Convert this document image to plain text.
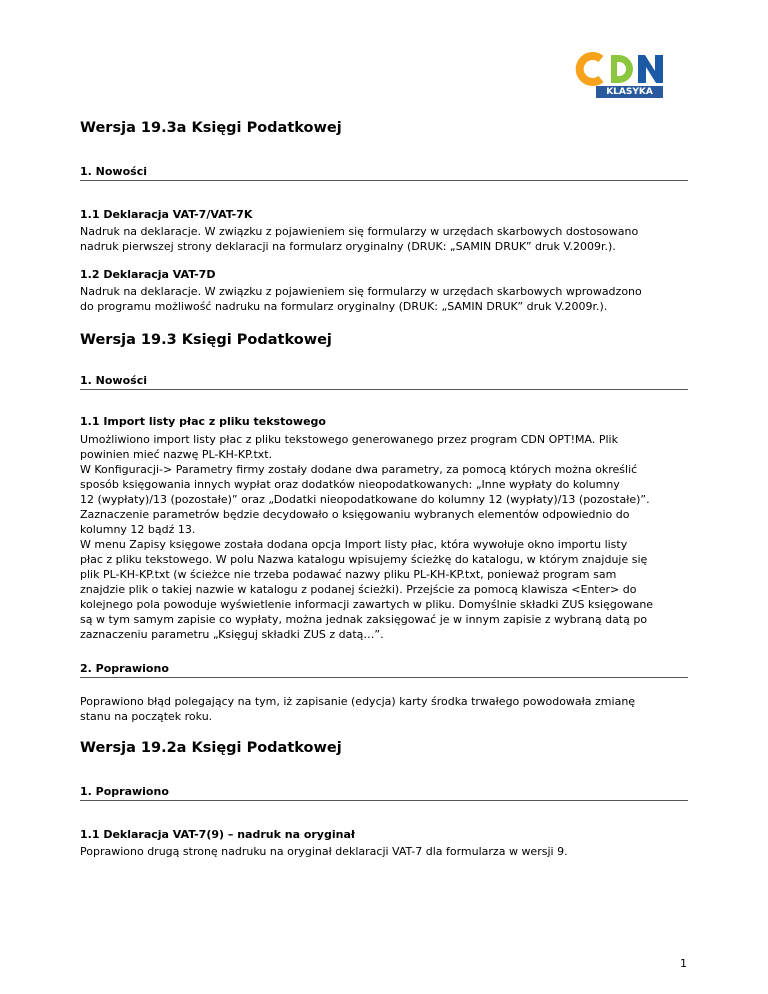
KLASYKA
Wersja 19.3a Księgi Podatkowej
1. Nowości
1.1 Deklaracja VAT-7/VAT-7K

Nadruk na deklaracje. W związku z pojawieniem się formularzy w urzędach skarbowych dostosowano
nadruk pierwszej strony deklaracji na formularz oryginalny (DRUK: „SAMIN DRUK” druk V.2009r.).

1.2 Deklaracja VAT-7D

Nadruk na deklaracje. W związku z pojawieniem się formularzy w urzędach skarbowych wprowadzono
do programu możliwość nadruku na formularz oryginalny (DRUK: „SAMIN DRUK” druk V.2009r.).

Wersja 19.3 Księgi Podatkowej
1. Nowości
1.1 Import listy płac z pliku tekstowego

Umożliwiono import listy płac z pliku tekstowego generowanego przez program CDN OPT!MA. Plik
powinien mieć nazwę PL-KH-KP.txt.
W Konfiguracji-> Parametry firmy zostały dodane dwa parametry, za pomocą których można określić
sposób księgowania innych wypłat oraz dodatków nieopodatkowanych: „Inne wypłaty do kolumny
12 (wypłaty)/13 (pozostałe)” oraz „Dodatki nieopodatkowane do kolumny 12 (wypłaty)/13 (pozostałe)”.
Zaznaczenie parametrów będzie decydowało o księgowaniu wybranych elementów odpowiednio do
kolumny 12 bądź 13.
W menu Zapisy księgowe została dodana opcja Import listy płac, która wywołuje okno importu listy
płac z pliku tekstowego. W polu Nazwa katalogu wpisujemy ścieżkę do katalogu, w którym znajduje się
plik PL-KH-KP.txt (w ścieżce nie trzeba podawać nazwy pliku PL-KH-KP.txt, ponieważ program sam
znajdzie plik o takiej nazwie w katalogu z podanej ścieżki). Przejście za pomocą klawisza <Enter> do
kolejnego pola powoduje wyświetlenie informacji zawartych w pliku. Domyślnie składki ZUS księgowane
są w tym samym zapisie co wypłaty, można jednak zaksięgować je w innym zapisie z wybraną datą po
zaznaczeniu parametru „Księguj składki ZUS z datą…”.

2. Poprawiono

Poprawiono błąd polegający na tym, iż zapisanie (edycja) karty środka trwałego powodowała zmianę
stanu na początek roku.

Wersja 19.2a Księgi Podatkowej
1. Poprawiono
1.1 Deklaracja VAT-7(9) – nadruk na oryginał

Poprawiono drugą stronę nadruku na oryginał deklaracji VAT-7 dla formularza w wersji 9.

1
